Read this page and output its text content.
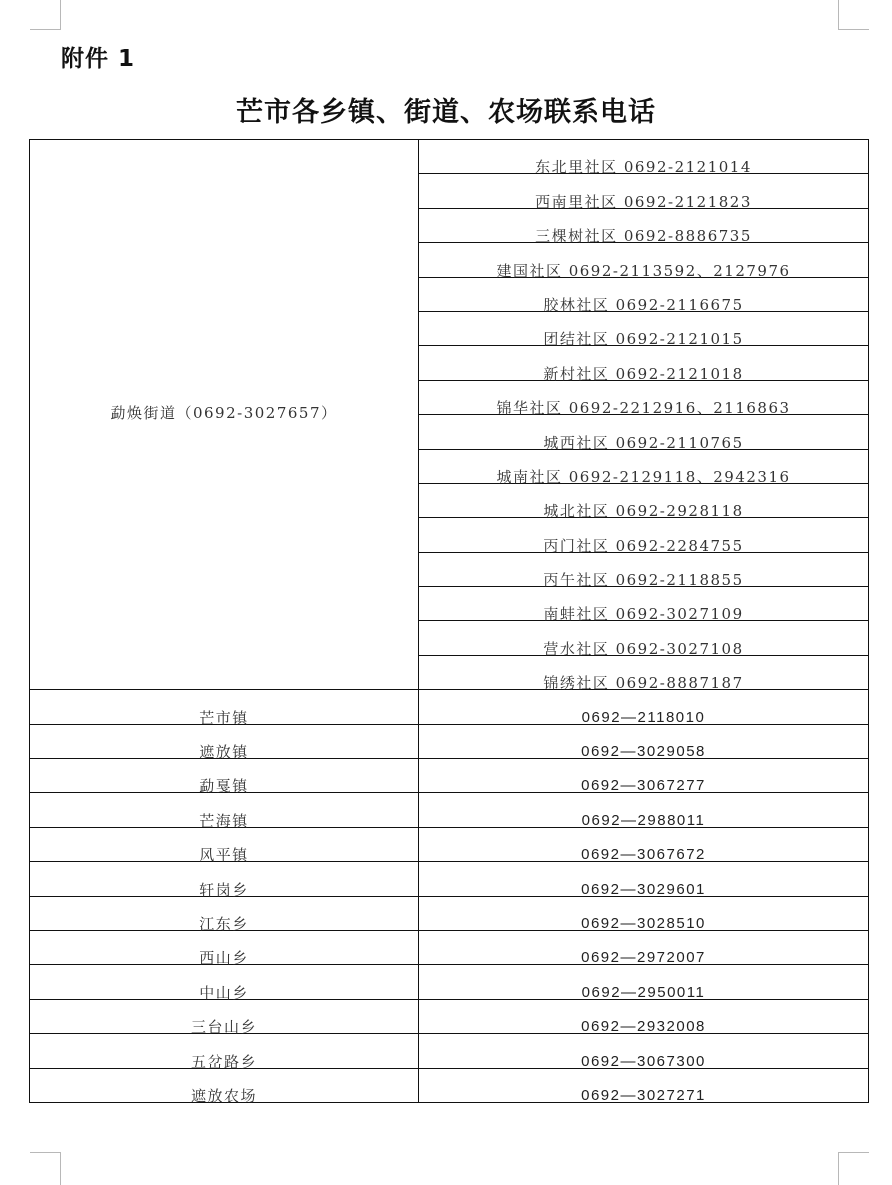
附件 1
芒市各乡镇、街道、农场联系电话
勐焕街道（0692-3027657）	东北里社区 0692-2121014
	西南里社区 0692-2121823
	三棵树社区 0692-8886735
	建国社区 0692-2113592、2127976
	胶林社区 0692-2116675
	团结社区 0692-2121015
	新村社区 0692-2121018
	锦华社区 0692-2212916、2116863
	城西社区 0692-2110765
	城南社区 0692-2129118、2942316
	城北社区 0692-2928118
	丙门社区 0692-2284755
	丙午社区 0692-2118855
	南蚌社区 0692-3027109
	营水社区 0692-3027108
	锦绣社区 0692-8887187
芒市镇	0692—2118010
遮放镇	0692—3029058
勐戛镇	0692—3067277
芒海镇	0692—2988011
风平镇	0692—3067672
轩岗乡	0692—3029601
江东乡	0692—3028510
西山乡	0692—2972007
中山乡	0692—2950011
三台山乡	0692—2932008
五岔路乡	0692—3067300
遮放农场	0692—3027271
